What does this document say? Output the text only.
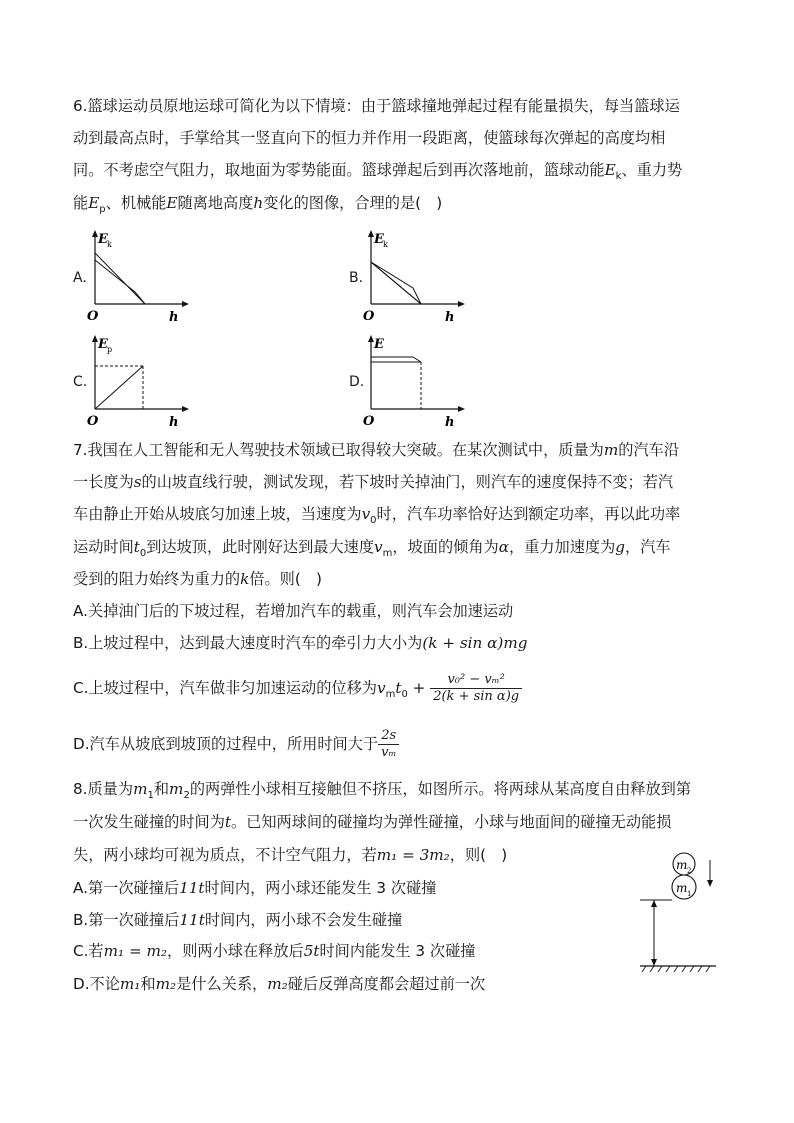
6.篮球运动员原地运球可简化为以下情境：由于篮球撞地弹起过程有能量损失，每当篮球运
动到最高点时，手掌给其一竖直向下的恒力并作用一段距离，使篮球每次弹起的高度均相
同。不考虑空气阻力，取地面为零势能面。篮球弹起后到再次落地前，篮球动能$E_k$、重力势
能$E_p$、机械能E随离地高度h变化的图像，合理的是(　)
A.
E k
O	h
B.
E k
O	h
C.
E p
O	h
D.
E
O	h
7.我国在人工智能和无人驾驶技术领域已取得较大突破。在某次测试中，质量为m的汽车沿
一长度为s的山坡直线行驶，测试发现，若下坡时关掉油门，则汽车的速度保持不变；若汽
车由静止开始从坡底匀加速上坡，当速度为$v_0$时，汽车功率恰好达到额定功率，再以此功率
运动时间$t_0$到达坡顶，此时刚好达到最大速度$v_m$，坡面的倾角为α，重力加速度为g，汽车
受到的阻力始终为重力的k倍。则(　)
A.关掉油门后的下坡过程，若增加汽车的载重，则汽车会加速运动
B.上坡过程中，达到最大速度时汽车的牵引力大小为(k + sin α)mg
C.上坡过程中，汽车做非匀加速运动的位移为$v_mt_0 + \frac{\text{v₀² − vₘ²}}{\text{2(k + sin α)g}}$
D.汽车从坡底到坡顶的过程中，所用时间大于 $\frac{2s}{\text{vₘ}}$
8.质量为$m_1$和$m_2$的两弹性小球相互接触但不挤压，如图所示。将两球从某高度自由释放到第
一次发生碰撞的时间为t。已知两球间的碰撞均为弹性碰撞，小球与地面间的碰撞无动能损
失，两小球均可视为质点，不计空气阻力，若m₁ = 3m₂，则(　)
A.第一次碰撞后11t时间内，两小球还能发生 3 次碰撞
B.第一次碰撞后11t时间内，两小球不会发生碰撞
C.若m₁ = m₂，则两小球在释放后5t时间内能发生 3 次碰撞
D.不论m₁和m₂是什么关系，m₂碰后反弹高度都会超过前一次
m 2
m 1
